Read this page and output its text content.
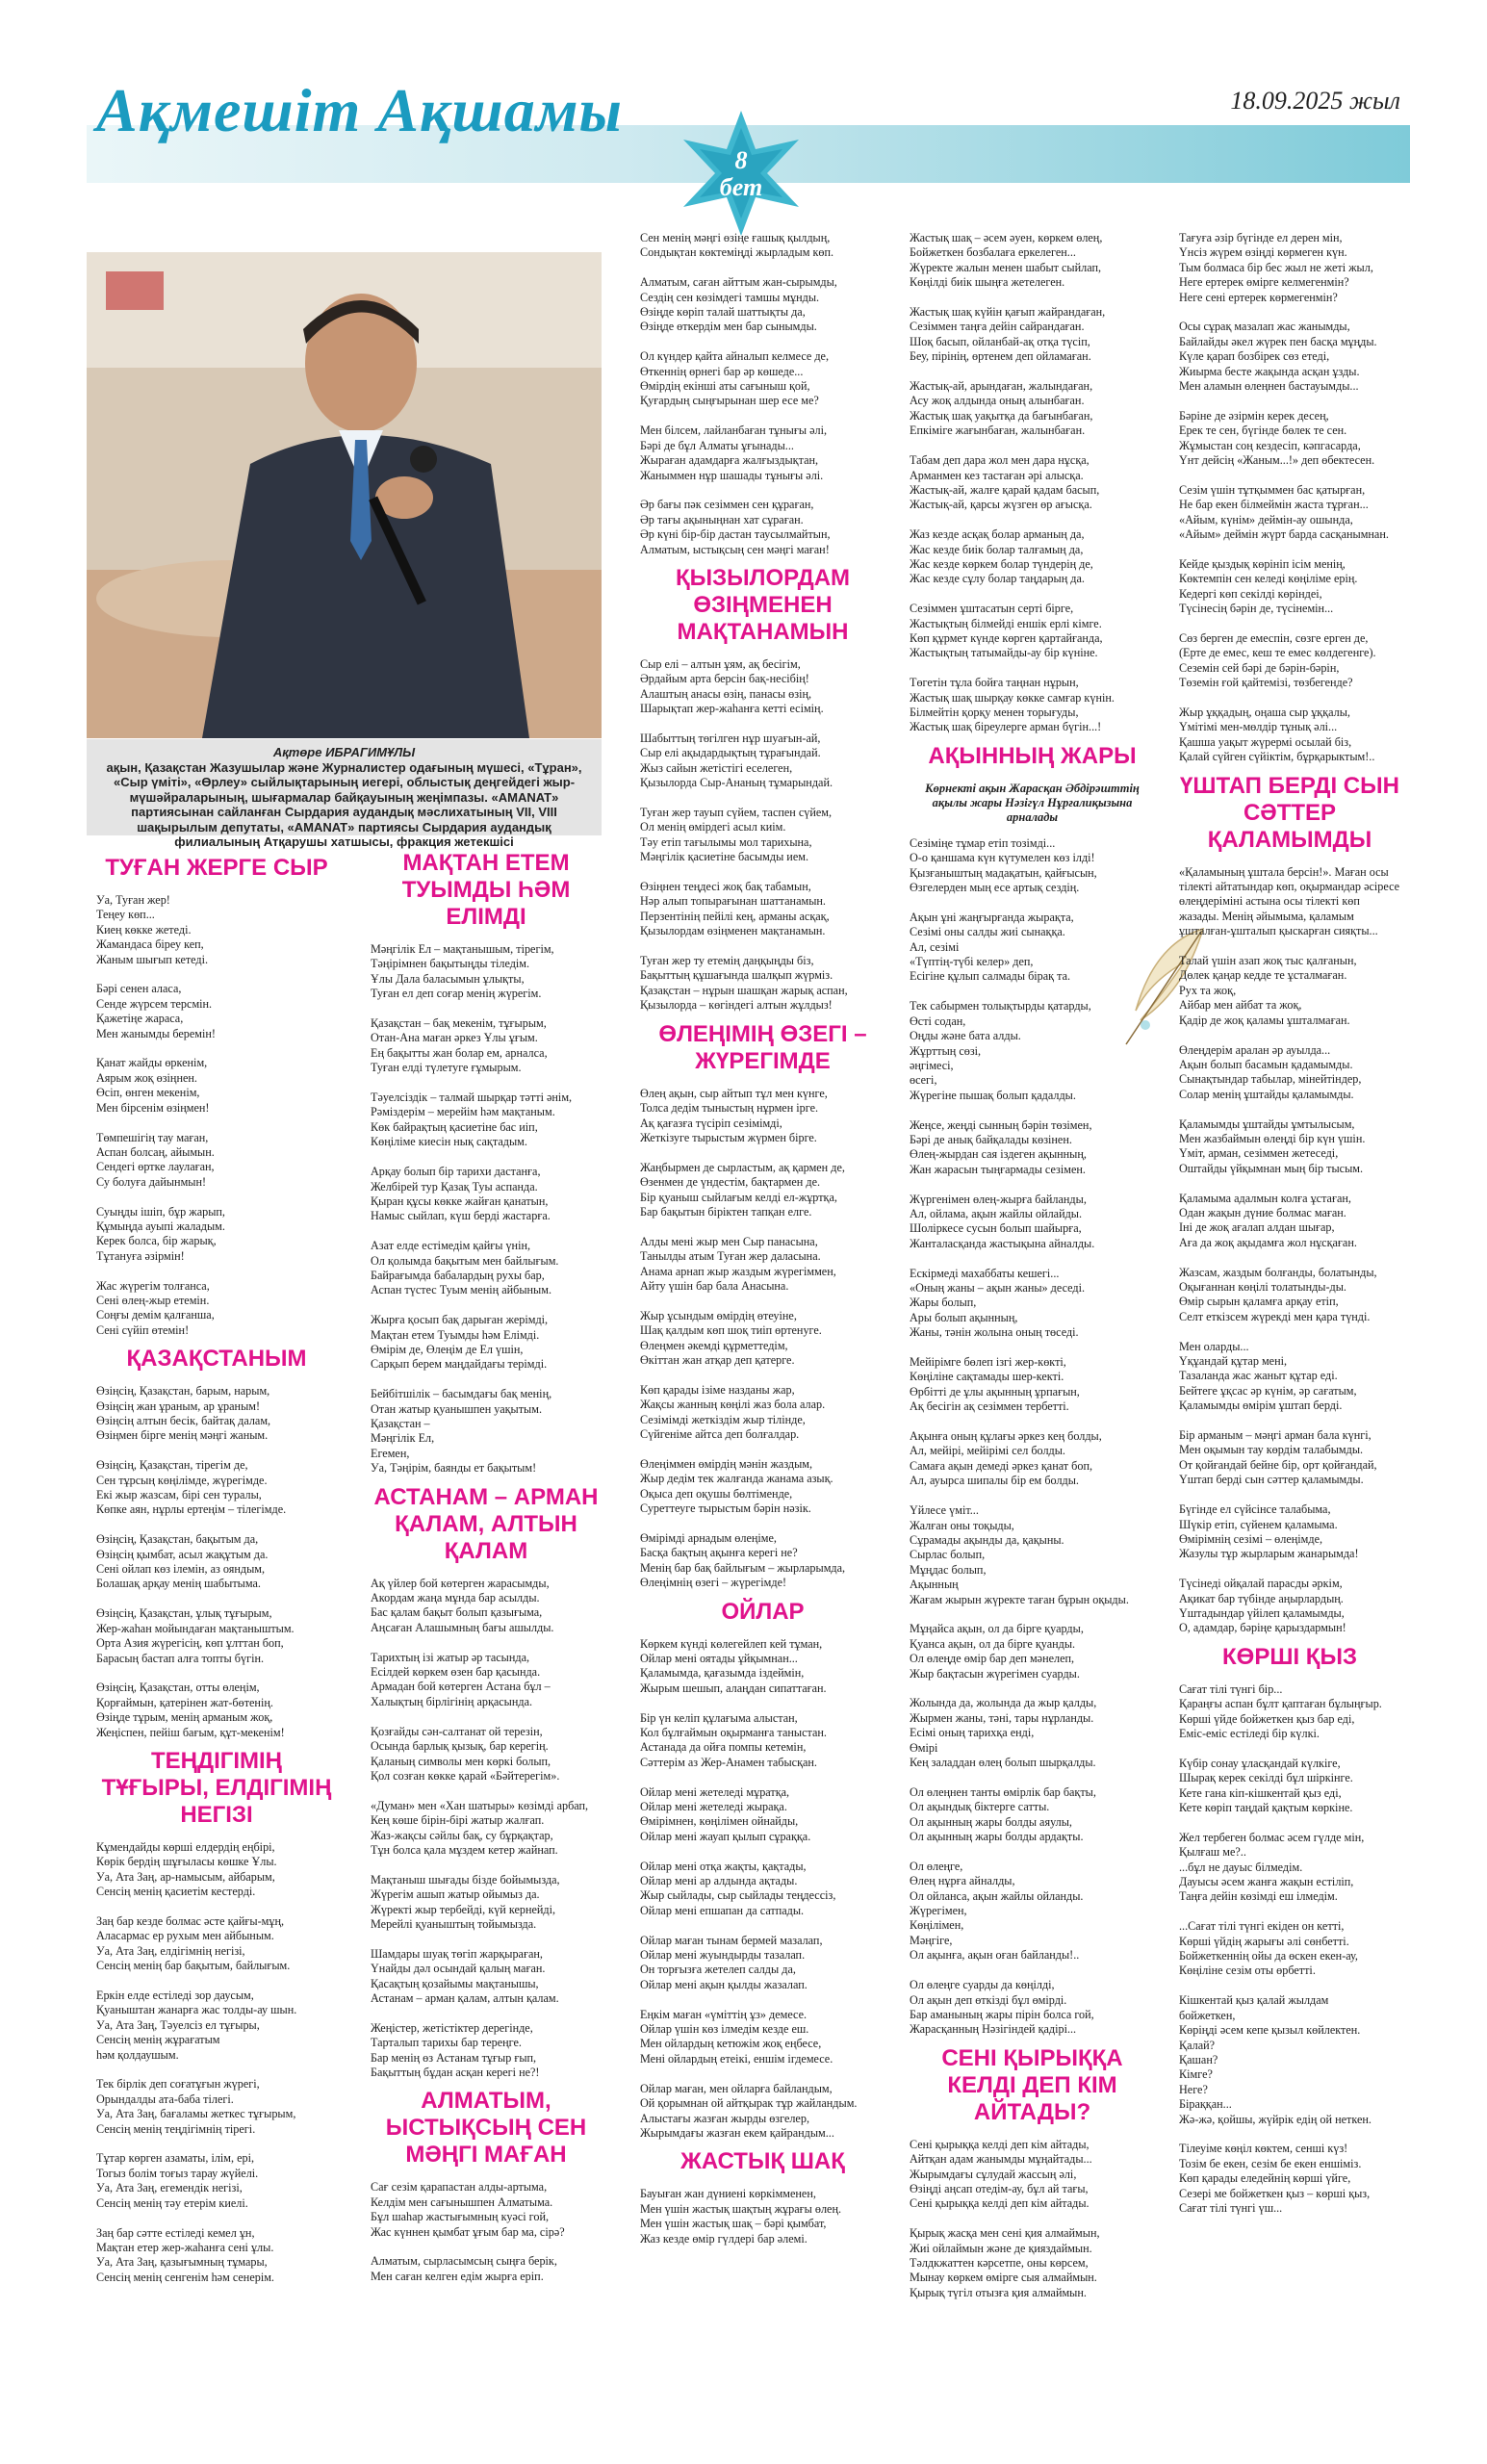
Ақмешіт Ақшамы	18.09.2025 жыл
8
бет
Ақтөре ИБРАГИМҰЛЫ
ақын, Қазақстан Жазушылар және Журналистер одағының мүшесі, «Тұран», «Сыр үміті», «Өрлеу» сыйлықтарының иегері, облыстық деңгейдегі жыр-мүшәйраларының, шығармалар байқауының жеңімпазы. «AMANAT» партиясынан сайланған Сырдария аудандық мәслихатының VII, VIII шақырылым депутаты, «AMANAT» партиясы Сырдария аудандық филиалының Атқарушы хатшысы, фракция жетекшісі
ТУҒАН ЖЕРГЕ СЫР
Уа, Туған жер!
Теңеу көп...
Киең көкке жетеді.
Жамандаса біреу кеп,
Жаным шығып кетеді.

Бәрі сенен аласа,
Сенде жүрсем терсмін.
Қажетіңе жараса,
Мен жанымды беремін!

Қанат жайды өркенім,
Аярым жоқ өзіңнен.
Өсіп, өнген мекенім,
Мен бірсенім өзіңмен!

Төмпешігің тау маған,
Аспан болсаң, айымын.
Сендегі өртке лаулаған,
Су болуға дайынмын!

Суыңды ішіп, бұр жарып,
Құмыңда ауыпі жаладым.
Керек болса, бір жарық,
Тұтануға әзірмін!

Жас жүрегім толғанса,
Сені өлең-жыр етемін.
Соңғы демім қалғанша,
Сені сүйіп өтемін!
ҚАЗАҚСТАНЫМ
Өзіңсің, Қазақстан, барым, нарым,
Өзіңсің жан ұраным, ар ұраным!
Өзіңсің алтын бесік, байтақ далам,
Өзіңмен бірге менің мәңгі жаным.

Өзіңсің, Қазақстан, тірегім де,
Сен тұрсың көңілімде, жүрегімде.
Екі жыр жазсам, бірі сен туралы,
Көпке аян, нұрлы ертеңім – тілегімде.

Өзіңсің, Қазақстан, бақытым да,
Өзіңсің қымбат, асыл жақұтым да.
Сені ойлап көз ілемін, аз ояндым,
Болашақ арқау менің шабытыма.

Өзіңсің, Қазақстан, ұлық тұғырым,
Жер-жаһан мойындаған мақтаныштым.
Орта Азия жүрегісің, көп ұлттан боп,
Барасың бастап алға топты бүгін.

Өзіңсің, Қазақстан, отты өлеңім,
Қорғаймын, қатерінен жат-бөтенің.
Өзіңде тұрым, менің арманым жоқ,
Жеңіспен, пейіш бағым, құт-мекенім!
ТЕҢДІГІМІҢ ТҰҒЫРЫ, ЕЛДІГІМІҢ НЕГІЗІ
Кұмендайды көрші елдердің еңбірі,
Көрік бердің шұғыласы көшке Ұлы.
Уа, Ата Заң, ар-намысым, айбарым,
Сенсің менің қасиетім кестерді.

Заң бар кезде болмас әсте қайғы-мұң,
Аласармас ер рухым мен айбыным.
Уа, Ата Заң, елдігімнің негізі,
Сенсің менің бар бақытым, байлығым.

Еркін елде естіледі зор даусым,
Қуаныштан жанарға жас толды-ау шын.
Уа, Ата Заң, Тәуелсіз ел тұғыры,
Сенсің менің жұрағатым
һәм қолдаушым.

Тек бірлік деп соғатұғын жүрегі,
Орындалды ата-баба тілегі.
Уа, Ата Заң, бағаламы жеткес тұғырым,
Сенсің менің теңдігімнің тірегі.

Тұтар көрген азаматы, ілім, ері,
Тогыз болім тоғыз тарау жүйелі.
Уа, Ата Заң, егемендік негізі,
Сенсің менің тәу етерім киелі.

Заң бар сәтте естіледі кемел ұн,
Мақтан етер жер-жаһанға сені ұлы.
Уа, Ата Заң, қазығымның тұмары,
Сенсің менің сенгенім һәм сенерім.
МАҚТАН ЕТЕМ ТУЫМДЫ ҺӘМ ЕЛІМДІ
Мәңгілік Ел – мақтанышым, тірегім,
Тәңірімнен бақытыңды тіледім.
Ұлы Дала баласымын ұлықты,
Туған ел деп соғар менің жүрегім.

Қазақстан – бақ мекенім, тұғырым,
Отан-Ана маған әркез Ұлы ұғым.
Ең бақытты жан болар ем, арналса,
Туған елді түлетуге ғұмырым.

Тәуелсіздік – талмай шырқар тәтті әнім,
Рәміздерім – мерейім һәм мақтаным.
Көк байрақтың қасиетіне бас иіп,
Көңіліме киесін нық сақтадым.

Арқау болып бір тарихи дастанға,
Желбірей тур Қазақ Туы аспанда.
Қыран құсы көкке жайған қанатын,
Намыс сыйлап, күш берді жастарға.

Азат елде естімедім қайғы үнін,
Ол қолымда бақытым мен байлығым.
Байрағымда бабалардың рухы бар,
Аспан түстес Туым менің айбыным.

Жырға қосып бақ дарыған жерімді,
Мақтан етем Туымды һәм Елімді.
Өмірім де, Өлеңім де Ел үшін,
Сарқып берем маңдайдағы терімді.

Бейбітшілік – басымдағы бақ менің,
Отан жатыр қуанышпен уақытым.
Қазақстан –
Мәңгілік Ел,
Егемен,
Уа, Тәңірім, баянды ет бақытым!
АСТАНАМ – АРМАН ҚАЛАМ, АЛТЫН ҚАЛАМ
Ақ үйлер бой көтерген жарасымды,
Акордам жаңа мұнда бар асылды.
Бас қалам бақыт болып қазығыма,
Аңсаған Алашымның бағы ашылды.

Тарихтың ізі жатыр әр тасында,
Есілдей көркем өзен бар қасында.
Армадан бой көтерген Астана бұл –
Халықтың бірлігінің арқасында.

Қозғайды сән-салтанат ой терезін,
Осында барлық қызық, бар керегің.
Қаланың символы мен көркі болып,
Қол созған көкке қарай «Бәйтерегім».

«Думан» мен «Хан шатыры» көзімді арбап,
Кең көше бірін-бірі жатыр жалғап.
Жаз-жақсы сәйлы бақ, су бұрқақтар,
Тұн болса қала мұздем кетер жайнап.

Мақтаныш шығады бізде бойымызда,
Жүрегім ашып жатыр ойымыз да.
Жүректі жыр тербейді, күй кернейді,
Мерейлі қуаныштың тойымызда.

Шамдары шуақ төгіп жарқыраған,
Үнайды дәл осындай қалың маған.
Қасақтың қозайымы мақтанышы,
Астанам – арман қалам, алтын қалам.

Жеңістер, жетістіктер дерегінде,
Тарталып тарихы бар тереңге.
Бар менің өз Астанам тұғыр ғып,
Бақыттың бұдан асқан керегі не?!
АЛМАТЫМ, ЫСТЫҚСЫҢ СЕН МӘҢГІ МАҒАН
Сағ сезім қарапастан алды-артыма,
Келдім мен сағынышпен Алматыма.
Бұл шаһар жастығымның куәсі гой,
Жас күннен қымбат ұғым бар ма, сірә?

Алматым, сырласымсың сыңға берік,
Мен саған келген едім жырға еріп.
Сен менің мәңгі өзіңе ғашық қылдың,
Сондықтан көктеміңді жырладым көп.

Алматым, саған айттым жан-сырымды,
Сездің сен көзімдегі тамшы мұнды.
Өзіңде көріп талай шаттықты да,
Өзіңде өткердім мен бар сынымды.

Ол күндер қайта айналып келмесе де,
Өткеннің өрнегі бар әр көшеде...
Өмірдің екінші аты сағыныш қой,
Қуғардың сыңғырынан шер есе ме?

Мен білсем, лайланбаған тұнығы әлі,
Бәрі де бұл Алматы ұғынады...
Жыраған адамдарға жалғыздықтан,
Жаныммен нұр шашады тұнығы әлі.

Әр бағы пәк сезіммен сен құраған,
Әр тағы ақыныңнан хат сұраған.
Әр күні бір-бір дастан таусылмайтын,
Алматым, ыстықсың сен мәңгі маған!
ҚЫЗЫЛОРДАМ ӨЗІҢМЕНЕН МАҚТАНАМЫН
Сыр елі – алтын ұям, ақ бесігім,
Әрдайым арта берсін бақ-несібің!
Алаштың анасы өзің, панасы өзің,
Шарықтап жер-жаһанға кетті есімің.

Шабыттың төгілген нұр шуағын-ай,
Сыр елі ақыдардықтың тұрағындай.
Жыз сайын жетістігі еселеген,
Қызылорда Сыр-Ананың тұмарындай.

Туған жер тауып сүйем, таспен сүйем,
Ол менің өмірдегі асыл киім.
Тәу етіп тағылымы мол тарихына,
Мәңгілік қасиетіне басымды ием.

Өзіңнен теңдесі жоқ бақ табамын,
Нәр алып топырағынан шаттанамын.
Перзентінің пейілі кең, арманы асқақ,
Қызылордам өзіңменен мақтанамын.

Туған жер ту етемің даңқыңды біз,
Бақыттың құшағында шалқып жүрміз.
Қазақстан – нұрын шашқан жарық аспан,
Қызылорда – көгіндегі алтын жұлдыз!
ӨЛЕҢІМІҢ ӨЗЕГІ – ЖҮРЕГІМДЕ
Өлең ақын, сыр айтып тұл мен күнге,
Толса дедім тыныстың нұрмен ірге.
Ақ қағазға түсіріп сезімімді,
Жеткізуге тырыстым жүрмен бірге.

Жаңбырмен де сырластым, ақ қармен де,
Өзенмен де үндестім, бақтармен де.
Бір қуаныш сыйлағым келді ел-жұртқа,
Бар бақытын біріктен тапқан елге.

Алды мені жыр мен Сыр панасына,
Танылды атым Туған жер даласына.
Анама арнап жыр жаздым жүрегіммен,
Айту үшін бар бала Анасына.

Жыр ұсындым өмірдің өтеуіне,
Шақ қалдым көп шоқ тиіп өртенуге.
Өлеңмен әкемді құрметтедім,
Өкіттан жан атқар деп қатерге.

Көп қарады ізіме назданы жар,
Жақсы жанның көңілі жаз бола алар.
Сезімімді жеткіздім жыр тілінде,
Сүйгеніме айтса деп болғалдар.

Өлеңіммен өмірдің мәнін жаздым,
Жыр дедім тек жалғанда жанама азық.
Оқыса деп оқушы бөлтіменде,
Суреттеуге тырыстым бәрін нәзік.

Өмірімді арнадым өлеңіме,
Басқа бақтың ақынға керегі не?
Менің бар бақ байлығым – жырларымда,
Өлеңімнің өзегі – жүрегімде!
ОЙЛАР
Көркем күнді көлегейлеп кей тұман,
Ойлар мені оятады ұйқымнан...
Қаламымда, қағазымда іздеймін,
Жырым шешып, алаңдан сипаттаған.

Бір үн келіп құлағыма алыстан,
Кол бұлғаймын оқырманға таныстан.
Астанада да ойға помпы кетемін,
Сәттерім аз Жер-Анамен табысқан.

Ойлар мені жетеледі мұратқа,
Ойлар мені жетеледі жырақа.
Өмірімнен, көңілімен ойнайды,
Ойлар мені жауап қылып сұраққа.

Ойлар мені отқа жақты, қақтады,
Ойлар мені ар алдында ақтады.
Жыр сыйлады, сыр сыйлады теңдессіз,
Ойлар мені епшапан да сатпады.

Ойлар маған тынам бермей мазалап,
Ойлар мені жуындырды тазалап.
Он торғызға жетелеп салды да,
Ойлар мені ақын қылды жазалап.

Еңкім маған «үміттің ұз» демесе.
Ойлар үшін көз ілмедім кезде еш.
Мен ойлардың кетюжім жоқ еңбесе,
Мені ойлардың етеікі, еншім ігдемесе.

Ойлар маған, мен ойларға байландым,
Ой қорымнан ой айтқырак тұр жайландым.
Алыстағы жазған жырды өзгелер,
Жырымдағы жазған екем қайрандым...
ЖАСТЫҚ ШАҚ
Бауыған жан дүниені көркімменен,
Мен үшін жастық шақтың жұрағы өлең.
Мен үшін жастық шақ – бәрі қымбат,
Жаз кезде өмір гүлдері бар әлемі.
Жастық шақ – әсем әуен, көркем өлең,
Бойжеткен бозбалаға еркелеген...
Жүректе жалын менен шабыт сыйлап,
Көңілді биік шыңға жетелеген.

Жастық шақ күйін қағып жайрандаған,
Сезіммен таңға дейін сайрандаған.
Шоқ басып, ойланбай-ақ отқа түсіп,
Беу, пірінің, өртенем деп ойламаған.

Жастық-ай, арындаған, жалындаған,
Асу жоқ алдында оның алынбаған.
Жастық шақ уақытқа да бағынбаған,
Епкіміге жағынбаған, жалынбаған.

Табам деп дара жол мен дара нұсқа,
Арманмен кез тастаған әрі алысқа.
Жастық-ай, жалғе қарай қадам басып,
Жастық-ай, қарсы жүзген өр ағысқа.

Жаз кезде асқақ болар арманың да,
Жас кезде биік болар талғамың да,
Жас кезде көркем болар түндерің де,
Жас кезде сұлу болар таңдарың да.

Сезіммен ұштасатын серті бірге,
Жастықтың білмейді еншік ерлі кімге.
Көп құрмет күнде көрген қартайғанда,
Жастықтың татымайды-ау бір күніне.

Төгетін тұла бойға таңнан нұрын,
Жастық шақ шырқау көкке самғар күнін.
Білмейтін қорқу менен торығуды,
Жастық шақ біреулерге арман бүгін...!
АҚЫННЫҢ ЖАРЫ
Көрнекті ақын Жарасқан Әбдірәшттің ақылы жары Нәзігүл Нұрғалиқызына арналады
Сезіміңе тұмар етіп тозімді...
О-о қаншама күн күтумелен көз ілді!
Қызғаныштың мадақатын, қайғысын,
Өзгелерден мың есе артық сездің.

Ақын ұні жаңғырғанда жырақта,
Сезімі оны салды жиі сынаққа.
Ал, сезімі
«Түптің-түбі келер» деп,
Есігіне құлып салмады бірақ та.

Тек сабырмен толықтырды қатарды,
Өсті содан,
Оңды және бата алды.
Жұрттың сөзі,
әңгімесі,
өсегі,
Жүрегіне пышақ болып қадалды.

Жеңсе, жеңді сынның бәрін төзімен,
Бәрі де анық байқалады көзінен.
Өлең-жырдан сая іздеген ақынның,
Жан жарасын тыңғармады сезімен.

Жүргенімен өлең-жырға байланды,
Ал, ойлама, ақын жайлы ойлайды.
Шоліркесе сусын болып шайырға,
Жанталасқанда жастықына айналды.

Ескірмеді махаббаты кешегі...
«Оның жаны – ақын жаны» деседі.
Жары болып,
Ары болып ақынның,
Жаны, тәнін жолына оның төседі.

Мейірімге бөлеп ізгі жер-көкті,
Көңіліне сақтамады шер-кекті.
Өрбітті де ұлы ақынның ұрпағын,
Ақ бесігін ақ сезіммен тербетті.

Ақынға оның құлағы әркез кең болды,
Ал, мейірі, мейірімі сел болды.
Самаға ақын демеді әркез қанат боп,
Ал, ауырса шипалы бір ем болды.

Үйлесе үміт...
Жалған оны тоқыды,
Сұрамады ақынды да, қақыны.
Сырлас болып,
Мұңдас болып,
Ақынның
Жағам жырын жүректе таған бұрын оқыды.

Мұңайса ақын, ол да бірге қуарды,
Қуанса ақын, ол да бірге қуанды.
Ол өлеңде өмір бар деп мәнелеп,
Жыр бақтасын жүрегімен суарды.

Жолында да, жолында да жыр қалды,
Жырмен жаны, тәні, тары нұрланды.
Есімі оның тарихқа енді,
Өмірі
Кең заладдан өлең болып шырқалды.

Ол өлеңнен танты өмірлік бар бақты,
Ол ақындық біктерге сатты.
Ол ақынның жары болды аяулы,
Ол ақынның жары болды ардақты.

Ол өлеңге,
Өлең нұрға айналды,
Ол ойланса, ақын жайлы ойланды.
Жүрегімен,
Көңілімен,
Мәңгіге,
Ол ақынға, ақын оған байланды!..

Ол өлеңге суарды да көңілді,
Ол ақын деп өткізді бұл өмірді.
Бар аманының жары пірін болса гой,
Жарасқанның Нәзігіндей қадірі...
СЕНІ ҚЫРЫҚҚА КЕЛДІ ДЕП КІМ АЙТАДЫ?
Сені қырыққа келді деп кім айтады,
Айтқан адам жанымды мұңайтады...
Жырымдағы сұлудай жассың әлі,
Өзіңді аңсап отедім-ау, бұл ай тағы,
Сені қырыққа келді деп кім айтады.

Қырық жасқа мен сені қия алмаймын,
Жиі ойлаймын және де қияздаймын.
Тәлдкжаттен кәрсетпе, оны көрсем,
Мынау көркем өмірге сыя алмаймын.
Қырық түгіл отызға қия алмаймын.
Тағуға әзір бүгінде ел дерен мін,
Үнсіз жүрем өзіңді көрмеген күн.
Тым болмаса бір бес жыл не жеті жыл,
Неге ертерек өмірге келмегенмін?
Неге сені ертерек көрмегенмін?

Осы сұрақ мазалап жас жанымды,
Байлайды әкел жүрек пен басқа мұңды.
Күле қарап бозбірек сөз етеді,
Жиырма бесте жақында асқан ұзды.
Мен аламын өлеңнен бастауымды...

Бәріне де әзірмін керек десең,
Ерек те сен, бүгінде бөлек те сен.
Жұмыстан соң кездесіп, кәпгасарда,
Үнт дейсің «Жаным...!» деп өбектесен.

Сезім үшін тұтқыммен бас қатырған,
Не бар екен білмеймін жаста тұрған...
«Айым, күнім» деймін-ау ошында,
«Айым» деймін жүрт барда сасқанымнан.

Кейде қыздық көрініп ісім менің,
Көктемпін сен келеді көңіліме ерің.
Кедергі көп секілді көріндеі,
Түсінесің бәрін де, түсінемін...

Сөз берген де емеспін, сөзге ерген де,
(Ерте де емес, кеш те емес көлдегенге).
Сеземін сей бәрі де бәрін-бәрін,
Төземін ғой қайтемізі, төзбегенде?

Жыр ұққадың, оңаша сыр ұққалы,
Үмітімі мен-мөлдір тұнық әлі...
Қашша уақыт жүрермі осылай біз,
Қалай сүйген сүйіктім, бұрқарыктым!..
ҮШТАП БЕРДІ СЫН СӘТТЕР ҚАЛАМЫМДЫ
«Қаламының ұштала берсін!». Маған осы тілекті айтатындар көп, оқырмандар әсіресе өлеңдеріміні астына осы тілекті көп жазады. Менің әйымыма, қаламым ұшталған-ұшталып қыскарған сияқты...

Талай үшін азап жоқ тыс қалғанын,
Дөлек қаңар кедде те ұсталмаған.
Рух та жоқ,
Айбар мен айбат та жоқ,
Қадір де жоқ қаламы ұшталмаған.

Өлеңдерім аралан әр ауылда...
Ақын болып басамын қадамымды.
Сынақтындар табылар, мінейтіндер,
Солар менің ұштайды қаламымды.

Қаламымды ұштайды ұмтылысым,
Мен жазбаймын өлеңді бір күн үшін.
Үміт, арман, сезіммен жетеседі,
Оштайды үйқымнан мың бір тысым.

Қаламыма адалмын колға ұстаған,
Одан жақын дүние болмас маған.
Іні де жоқ ағалап алдан шығар,
Аға да жоқ ақыдамға жол нұсқаған.

Жазсам, жаздым болғанды, болатынды,
Оқығаннан көңілі толатынды-ды.
Өмір сырын қаламға арқау етіп,
Селт еткізсем жүрекді мен қара түнді.

Мен оларды...
Үқұандай құтар мені,
Тазаланда жас жаныт құтар еді.
Бейтеге ұқсас әр күнім, әр сағатым,
Қаламымды өмірім ұштап берді.

Бір арманым – мәңгі арман бала күнгі,
Мен оқымын тау көрдім талабымды.
От қойғандай бейне бір, орт қойғандай,
Үштап берді сын сәттер қаламымды.

Бүгінде ел сүйсінсе талабыма,
Шүкір етіп, сүйенем қаламыма.
Өмірімнің сезімі – өлеңімде,
Жазулы тұр жырларым жанарымда!

Түсінеді ойқалай парасды әркім,
Ақикат бар түбінде аңырлардың.
Үштадындар үйілеп қаламымды,
О, адамдар, бәріңе қарыздармын!
КӨРШІ ҚЫЗ
Сағат тілі түнгі бір...
Қараңғы аспан бұлт қаптаған бұлыңғыр.
Көрші үйде бойжеткен қыз бар еді,
Еміс-еміс естіледі бір күлкі.

Күбір сонау ұласқандай күлкіге,
Шырақ керек секілді бұл шіркінге.
Кете гана кіп-кішкентай қыз еді,
Кете көріп таңдай қақтым көркіне.

Жел тербеген болмас әсем гүлде мін,
Қылғаш ме?..
...бұл не дауыс білмедім.
Дауысы әсем жанға жақын естіліп,
Таңға дейін көзімді еш ілмедім.

...Сағат тілі түнгі екіден он кетті,
Көрші үйдің жарығы әлі сөнбетті.
Бойжеткеннің ойы да өскен екен-ау,
Көңіліне сезім оты өрбетті.

Кішкентай қыз қалай жылдам
бойжеткен,
Көріңді әсем кепе қызыл көйлектен.
Қалай?
Қашан?
Кімге?
Неге?
Біраққан...
Жә-жә, қойшы, жүйрік едің ой неткен.

Тілеуіме көңіл көктем, сенші күз!
Тозім бе екен, сезім бе екен еншіміз.
Көп қарады еледейнің көрші үйге,
Сезері ме бойжеткен қыз – көрші қыз,
Сағат тілі түнгі үш...
